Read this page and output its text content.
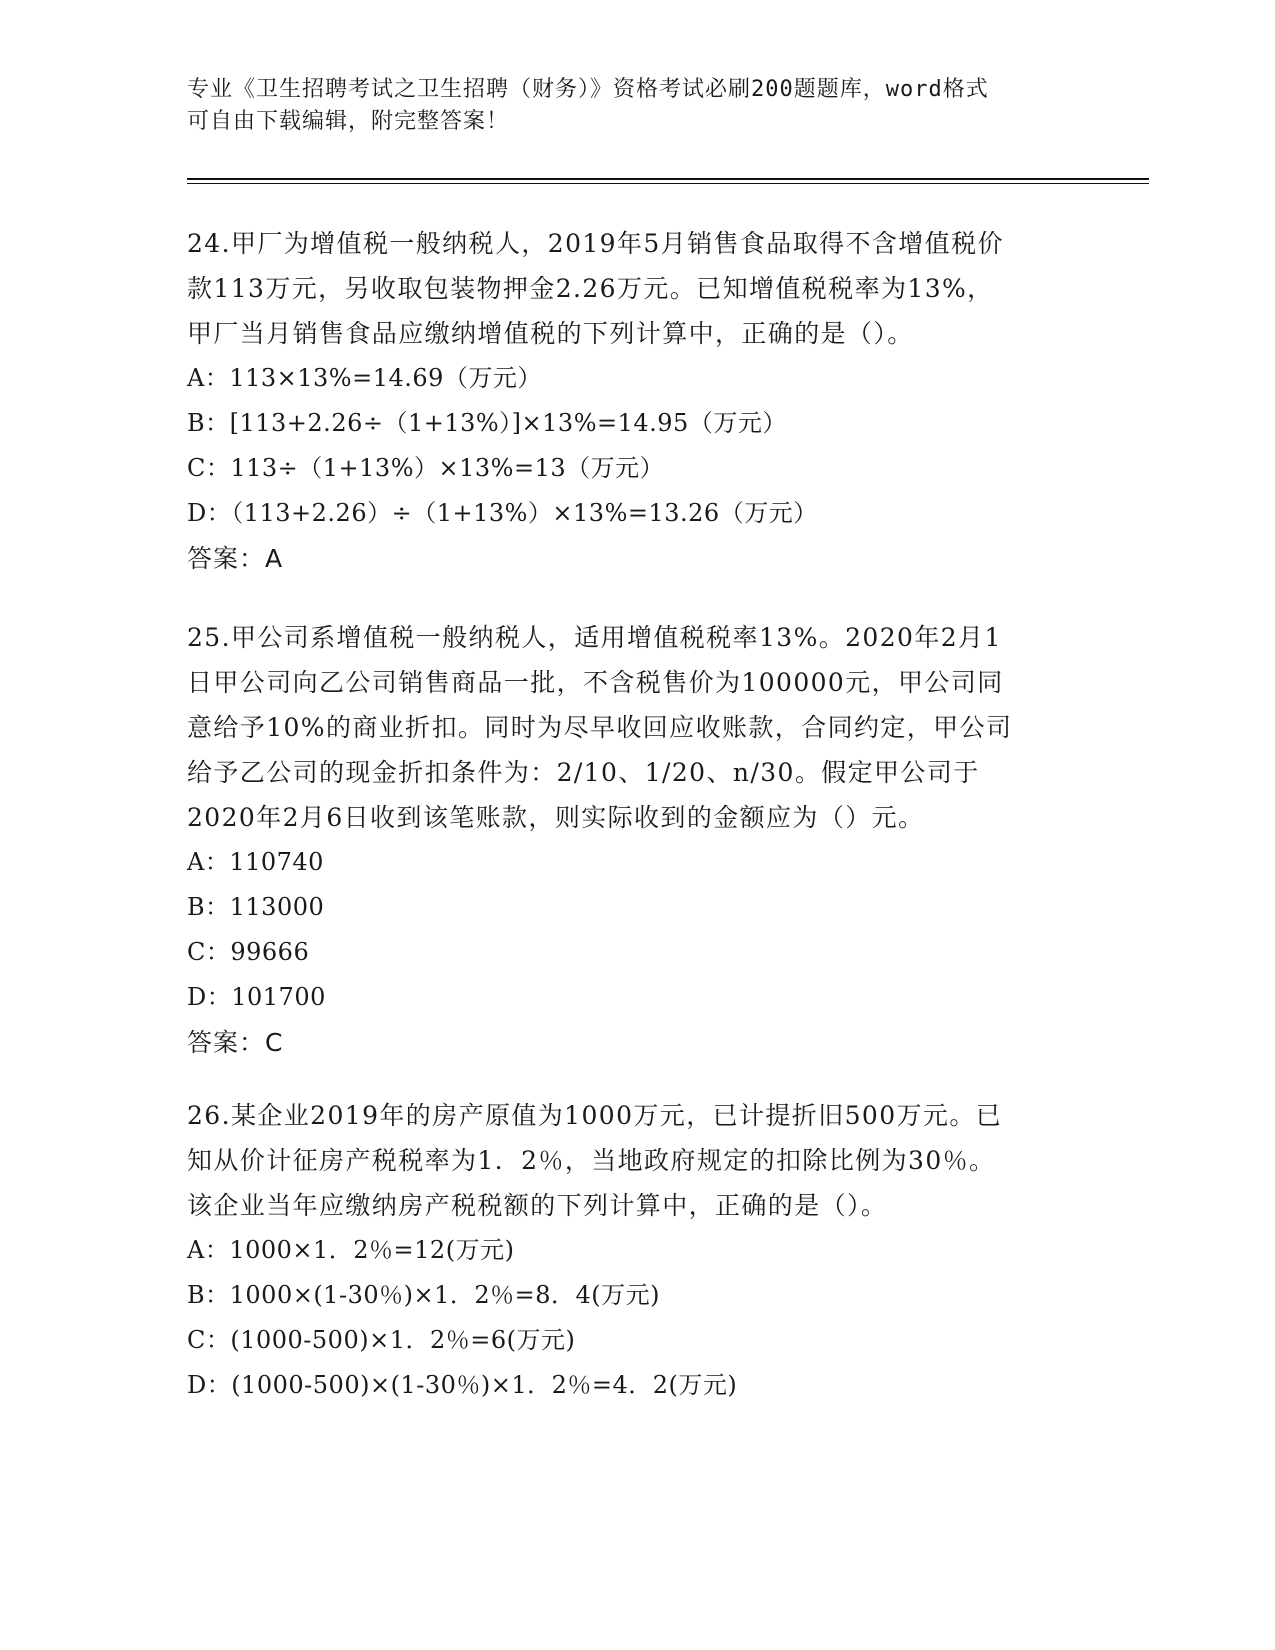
专业《卫生招聘考试之卫生招聘（财务）》资格考试必刷200题题库，word格式
可自由下载编辑，附完整答案！
24.甲厂为增值税一般纳税人，2019年5月销售食品取得不含增值税价
款113万元，另收取包装物押金2.26万元。已知增值税税率为13%，
甲厂当月销售食品应缴纳增值税的下列计算中，正确的是（）。
A：113×13%=14.69（万元）
B：[113+2.26÷（1+13%）]×13%=14.95（万元）
C：113÷（1+13%）×13%=13（万元）
D：（113+2.26）÷（1+13%）×13%=13.26（万元）
答案：A
25.甲公司系增值税一般纳税人，适用增值税税率13%。2020年2月1
日甲公司向乙公司销售商品一批，不含税售价为100000元，甲公司同
意给予10%的商业折扣。同时为尽早收回应收账款，合同约定，甲公司
给予乙公司的现金折扣条件为：2/10、1/20、n/30。假定甲公司于
2020年2月6日收到该笔账款，则实际收到的金额应为（）元。
A：110740
B：113000
C：99666
D：101700
答案：C
26.某企业2019年的房产原值为1000万元，已计提折旧500万元。已
知从价计征房产税税率为1．2％，当地政府规定的扣除比例为30％。
该企业当年应缴纳房产税税额的下列计算中，正确的是（）。
A：1000×1．2％=12(万元)
B：1000×(1-30％)×1．2％=8．4(万元)
C：(1000-500)×1．2％=6(万元)
D：(1000-500)×(1-30％)×1．2％=4．2(万元)
